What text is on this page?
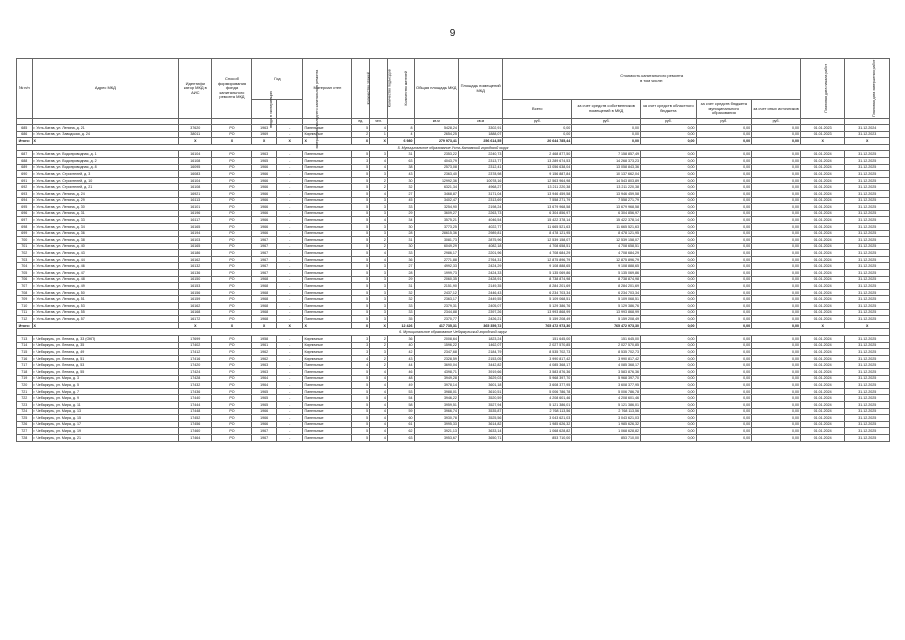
9
№ п/п	Адрес МКД	Идентифи катор МКД в АИС	Способ формирования фонда капитального ремонта МКД	Год		Материал стен	Количество этажей	Количество подъездов	Количество жителей	Общая площадь МКД	Площадь помещений МКД	Стоимость капитального ремонта
в том числе:					Плановая дата начала работ	Плановая дата завершения работ
				ввода в эксплуатацию	завершения последнего капитального ремонта							Всего	за счет средств собственников помещений в МКД	за счет средств областного бюджета	за счет средств бюджета муниципального образования	за счет иных источников		
							ед.	чел.		кв.м	кв.м	руб.	руб.	руб.	руб.	руб.		
685	г. Усть-Катав, ул. Ленина, д. 21	37620	РО	1963	-	Панельные	5	4	8	5428,24	3302,91	0,00	0,00	0,00	0,00	0,00	01.01.2023	31.12.2024
686	г. Усть-Катав, ул. Заводская, д. 24	38011	РО	1969	-	Кирпичные	2	1	4	2654,25	1888,07	0,00	0,00	0,00	0,00	0,00	01.01.2023	31.12.2023
Итого:	X	X	X	X	X	X	X	X	6 980	279 973,41	256 614,55	20 644 785,44	0,00	0,00	0,00	0,00	X	X
5. Муниципальное образование Усть-Катавский городской округ																		
687	г. Усть-Катав, ул. Водопроводная, д. 1	16104	РО	1963	-	Панельные	5	3	31	2353,22	2240,73	2 468 877,50	7 158 857,49	0,00	0,00	0,00	01.01.2024	31.12.2025
688	г. Усть-Катав, ул. Водопроводная, д. 2	16108	РО	1965	-	Панельные	3	4	63	4043,79	2313,77	13 289 674,53	14 268 373,23	0,00	0,00	0,00	01.01.2024	31.12.2025
689	г. Усть-Катав, ул. Водопроводная, д. 8	16095	РО	1966	-	Панельные	5	4	38	2573,08	2312,41	13 056 638,04	13 058 843,36	0,00	0,00	0,00	01.01.2024	31.12.2025
690	г. Усть-Катав, ул. Строителей, д. 3	16083	РО	1966	-	Панельные	5	3	43	2363,40	2378,98	9 156 887,84	10 137 662,04	0,00	0,00	0,00	01.01.2024	31.12.2025
691	г. Усть-Катав, ул. Строителей, д. 10	16104	РО	1966	-	Панельные	5	2	30	12992,36	10078,16	12 563 964,98	14 543 803,89	0,00	0,00	0,00	01.01.2024	31.12.2025
692	г. Усть-Катав, ул. Строителей, д. 21	16108	РО	1966	-	Панельные	5	2	32	6321,34	4968,27	13 211 220,38	13 211 220,38	0,00	0,00	0,00	01.01.2024	31.12.2025
693	г. Усть-Катав, ул. Ленина, д. 24	16921	РО	1966	-	Панельные	5	4	27	3468,87	3171,04	13 946 459,58	13 946 459,58	0,00	0,00	0,00	01.01.2024	31.12.2025
694	г. Усть-Катав, ул. Ленина, д. 29	16113	РО	1966	-	Панельные	5	3	45	3402,47	2313,69	7 558 271,79	7 558 271,79	0,00	0,00	0,00	01.01.2024	31.12.2025
695	г. Усть-Катав, ул. Ленина, д. 30	16101	РО	1966	-	Панельные	5	3	33	3254,90	2198,24	13 679 968,58	13 679 968,58	0,00	0,00	0,00	01.01.2024	31.12.2025
696	г. Усть-Катав, ул. Ленина, д. 31	16196	РО	1966	-	Панельные	5	3	29	3609,27	2263,73	6 304 856,97	6 304 856,97	0,00	0,00	0,00	01.01.2024	31.12.2025
697	г. Усть-Катав, ул. Ленина, д. 33	16117	РО	1966	-	Панельные	5	4	34	3575,21	4046,54	15 422 378,14	15 422 378,14	0,00	0,00	0,00	01.01.2024	31.12.2025
698	г. Усть-Катав, ул. Ленина, д. 34	16165	РО	1966	-	Панельные	5	3	30	3773,25	4022,77	11 665 521,63	11 665 521,63	0,00	0,00	0,00	01.01.2024	31.12.2025
699	г. Усть-Катав, ул. Ленина, д. 36	16194	РО	1966	-	Панельные	5	3	28	28615,36	2989,81	8 478 121,95	8 478 121,95	0,00	0,00	0,00	01.01.2024	31.12.2025
700	г. Усть-Катав, ул. Ленина, д. 38	16103	РО	1967	-	Панельные	5	2	31	3081,73	2875,96	12 539 158,07	12 539 158,07	0,00	0,00	0,00	01.01.2024	31.12.2025
701	г. Усть-Катав, ул. Ленина, д. 40	16165	РО	1967	-	Панельные	5	2	30	6049,29	4082,18	4 708 658,51	4 708 658,51	0,00	0,00	0,00	01.01.2024	31.12.2025
702	г. Усть-Катав, ул. Ленина, д. 43	16186	РО	1967	-	Панельные	5	4	33	2986,17	2201,96	4 708 684,29	4 708 684,29	0,00	0,00	0,00	01.01.2024	31.12.2025
703	г. Усть-Катав, ул. Ленина, д. 44	16162	РО	1967	-	Панельные	5	4	36	2771,88	2764,31	12 875 896,79	12 875 896,79	0,00	0,00	0,00	01.01.2024	31.12.2025
704	г. Усть-Катав, ул. Ленина, д. 46	16132	РО	1967	-	Панельные	5	3	27	4992,33	2424,29	9 108 888,65	9 108 888,65	0,00	0,00	0,00	01.01.2024	31.12.2025
705	г. Усть-Катав, ул. Ленина, д. 47	16136	РО	1967	-	Панельные	5	3	28	1999,73	2424,33	5 135 069,86	5 135 069,86	0,00	0,00	0,00	01.01.2024	31.12.2025
706	г. Усть-Катав, ул. Ленина, д. 48	16150	РО	1968	-	Панельные	5	3	29	2060,35	2428,91	8 738 874,98	8 738 874,98	0,00	0,00	0,00	01.01.2024	31.12.2025
707	г. Усть-Катав, ул. Ленина, д. 49	16153	РО	1968	-	Панельные	5	3	31	2151,90	2149,35	8 284 201,69	8 284 201,69	0,00	0,00	0,00	01.01.2024	31.12.2025
708	г. Усть-Катав, ул. Ленина, д. 50	16156	РО	1968	-	Панельные	5	3	32	2437,12	2446,43	6 234 703,34	6 234 703,34	0,00	0,00	0,00	01.01.2024	31.12.2025
709	г. Усть-Катав, ул. Ленина, д. 51	16159	РО	1968	-	Панельные	5	3	32	2363,17	2449,55	5 109 068,51	5 109 068,51	0,00	0,00	0,00	01.01.2024	31.12.2025
710	г. Усть-Катав, ул. Ленина, д. 53	16162	РО	1968	-	Панельные	5	3	33	2379,31	2405,07	5 129 386,76	5 129 386,76	0,00	0,00	0,00	01.01.2024	31.12.2025
711	г. Усть-Катав, ул. Ленина, д. 55	16168	РО	1968	-	Панельные	5	3	33	2344,88	2397,26	13 993 868,99	13 993 868,99	0,00	0,00	0,00	01.01.2024	31.12.2025
712	г. Усть-Катав, ул. Ленина, д. 57	16172	РО	1968	-	Панельные	5	3	35	2370,77	2426,21	5 159 208,49	5 159 208,49	0,00	0,00	0,00	01.01.2024	31.12.2025
Итого:	X	X	X	X	X	X	X	X	12 426	417 735,31	365 359,72	765 472 973,30	765 472 973,30	0,00	0,00	0,00	X	X
6. Муниципальное образование Чебаркульский городской округ																		
713	г. Чебаркуль, ул. Ленина, д. 33 (ОКП)	17699	РО	1958	-	Кирпичные	3	2	36	2008,64	1823,24	151 645,00	151 645,00	0,00	0,00	0,00	01.01.2024	31.12.2025
714	г. Чебаркуль, ул. Ленина, д. 35	17402	РО	1961	-	Кирпичные	3	2	40	1596,22	1462,07	2 027 570,85	2 027 570,85	0,00	0,00	0,00	01.01.2024	31.12.2025
715	г. Чебаркуль, ул. Ленина, д. 49	17412	РО	1962	-	Кирпичные	3	3	42	2347,68	2184,79	8 535 702,73	8 535 702,73	0,00	0,00	0,00	01.01.2024	31.12.2025
716	г. Чебаркуль, ул. Ленина, д. 51	17416	РО	1962	-	Кирпичные	4	2	43	2328,59	2153,05	3 990 817,42	3 990 817,42	0,00	0,00	0,00	01.01.2024	31.12.2025
717	г. Чебаркуль, ул. Ленина, д. 53	17420	РО	1963	-	Панельные	4	2	44	3690,04	3442,82	4 085 368,17	4 085 368,17	0,00	0,00	0,00	01.01.2024	31.12.2025
718	г. Чебаркуль, ул. Ленина, д. 55	17424	РО	1963	-	Панельные	5	4	46	4398,71	3919,66	3 583 876,36	3 583 876,36	0,00	0,00	0,00	01.01.2024	31.12.2025
719	г. Чебаркуль, ул. Мира, д. 3	17428	РО	1964	-	Панельные	5	4	48	3949,28	3629,03	5 968 397,70	5 968 397,70	0,00	0,00	0,00	01.01.2024	31.12.2025
720	г. Чебаркуль, ул. Мира, д. 5	17432	РО	1964	-	Панельные	5	4	49	3978,14	3601,18	3 608 377,95	3 608 377,95	0,00	0,00	0,00	01.01.2024	31.12.2025
721	г. Чебаркуль, ул. Мира, д. 7	17436	РО	1965	-	Панельные	5	4	53	3988,01	3610,51	5 006 786,78	5 006 786,78	0,00	0,00	0,00	01.01.2024	31.12.2025
722	г. Чебаркуль, ул. Мира, д. 9	17440	РО	1965	-	Панельные	5	4	54	3946,22	3520,59	4 208 601,46	4 208 601,46	0,00	0,00	0,00	01.01.2024	31.12.2025
723	г. Чебаркуль, ул. Мира, д. 11	17444	РО	1965	-	Панельные	5	4	58	3959,51	3527,94	5 121 386,01	5 121 386,01	0,00	0,00	0,00	01.01.2024	31.12.2025
724	г. Чебаркуль, ул. Мира, д. 13	17448	РО	1966	-	Панельные	5	4	59	3966,74	3535,87	2 768 113,56	2 768 113,56	0,00	0,00	0,00	01.01.2024	31.12.2025
725	г. Чебаркуль, ул. Мира, д. 15	17452	РО	1966	-	Панельные	5	4	60	3930,78	3525,56	3 043 621,03	3 043 621,03	0,00	0,00	0,00	01.01.2024	31.12.2025
726	г. Чебаркуль, ул. Мира, д. 17	17456	РО	1966	-	Панельные	5	4	61	3995,33	3614,82	1 985 626,32	1 985 626,32	0,00	0,00	0,00	01.01.2024	31.12.2025
727	г. Чебаркуль, ул. Мира, д. 19	17460	РО	1967	-	Панельные	5	4	62	3921,13	3633,14	1 068 628,82	1 068 628,82	0,00	0,00	0,00	01.01.2024	31.12.2025
728	г. Чебаркуль, ул. Мира, д. 21	17464	РО	1967	-	Панельные	5	4	63	3953,67	3650,71	853 710,00	853 710,00	0,00	0,00	0,00	01.01.2024	31.12.2025
